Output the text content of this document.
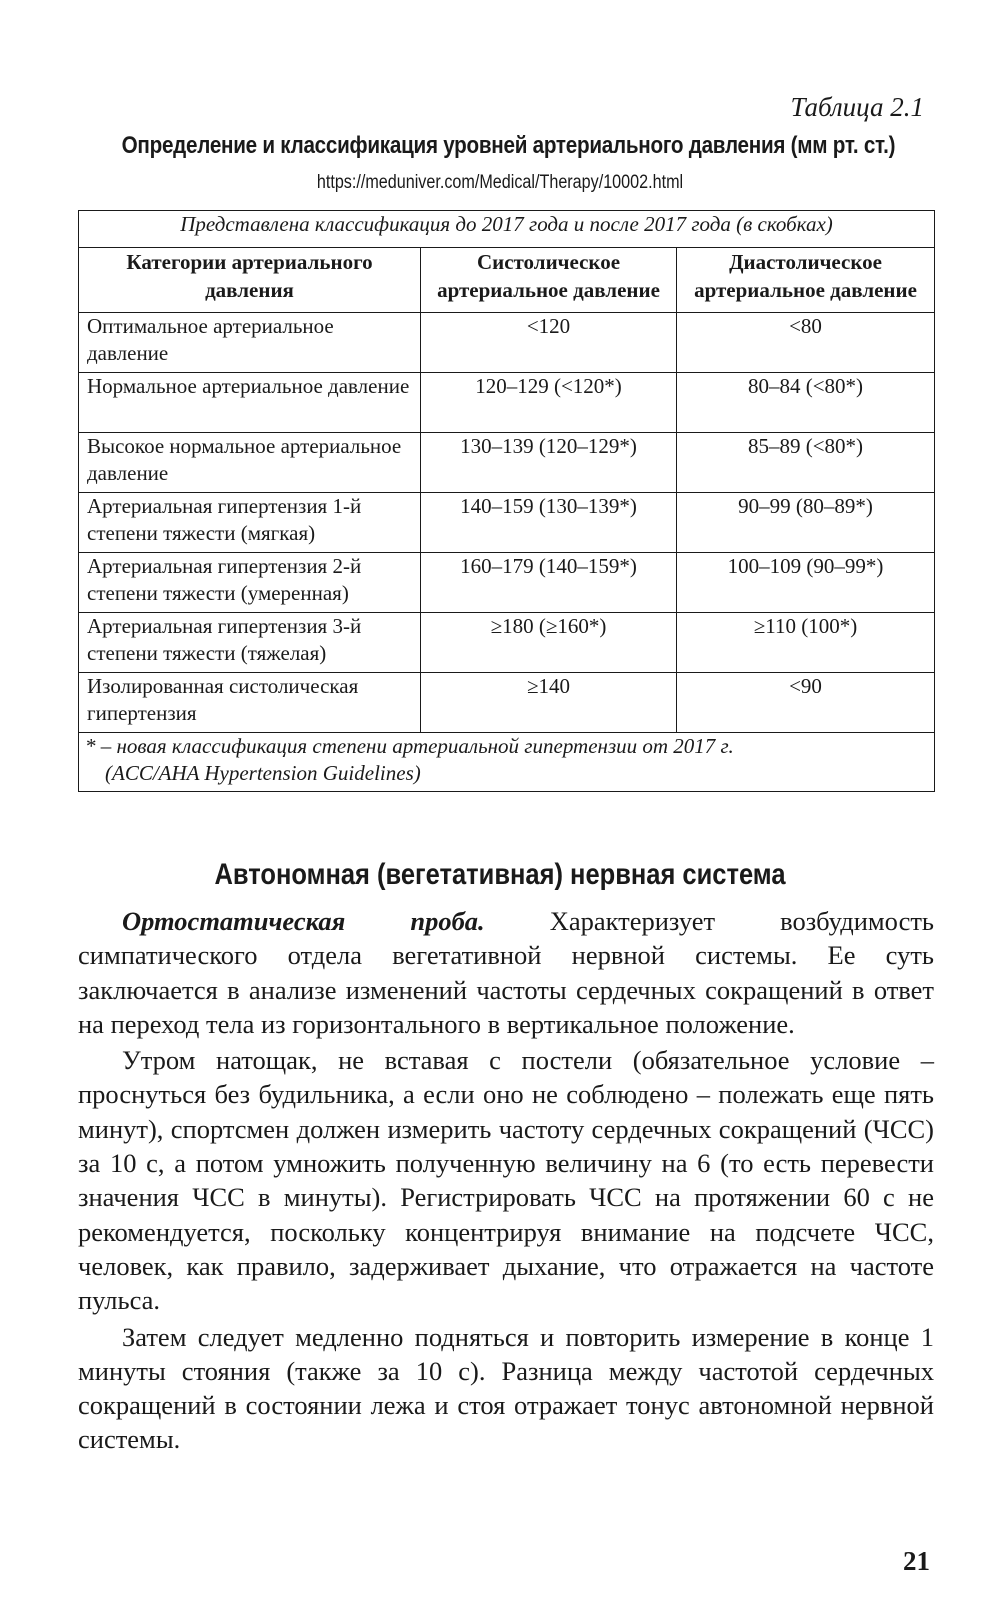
Таблица 2.1
Определение и классификация уровней артериального давления (мм рт. ст.)
https://meduniver.com/Medical/Therapy/10002.html
Представлена классификация до 2017 года и после 2017 года (в скобках)		
Категории артериального давления	Систолическое артериальное давление	Диастолическое артериальное давление
Оптимальное артериальное давление	<120	<80
Нормальное артериальное давление	120–129 (<120*)	80–84 (<80*)
Высокое нормальное артериальное давление	130–139 (120–129*)	85–89 (<80*)
Артериальная гипертензия 1-й степени тяжести (мягкая)	140–159 (130–139*)	90–99 (80–89*)
Артериальная гипертензия 2-й степени тяжести (умеренная)	160–179 (140–159*)	100–109 (90–99*)
Артериальная гипертензия 3-й степени тяжести (тяжелая)	≥180 (≥160*)	≥110 (100*)
Изолированная систолическая гипертензия	≥140	<90
* – новая классификация степени артериальной гипертензии от 2017 г.
(ACC/AHA Hypertension Guidelines)		
Автономная (вегетативная) нервная система

Ортостатическая проба. Характеризует возбудимость симпатического отдела вегетативной нервной системы. Ее суть заключается в анализе изменений частоты сердечных сокращений в ответ на переход тела из горизонтального в вертикальное положение.

Утром натощак, не вставая с постели (обязательное условие – проснуться без будильника, а если оно не соблюдено – полежать еще пять минут), спортсмен должен измерить частоту сердечных сокращений (ЧСС) за 10 с, а потом умножить полученную величину на 6 (то есть перевести значения ЧСС в минуты). Регистрировать ЧСС на протяжении 60 с не рекомендуется, поскольку концентрируя внимание на подсчете ЧСС, человек, как правило, задерживает дыхание, что отражается на частоте пульса.

Затем следует медленно подняться и повторить измерение в конце 1 минуты стояния (также за 10 с). Разница между частотой сердечных сокращений в состоянии лежа и стоя отражает тонус автономной нервной системы.

21
